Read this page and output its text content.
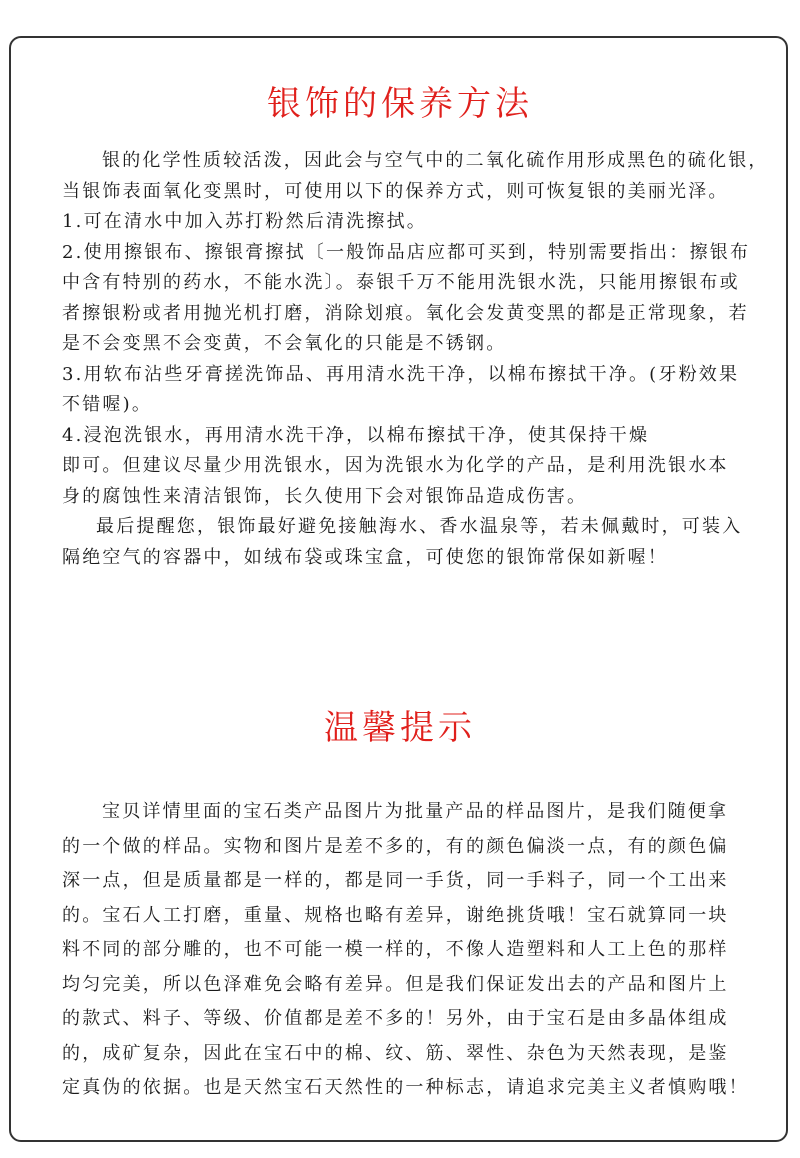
银饰的保养方法
银的化学性质较活泼，因此会与空气中的二氧化硫作用形成黑色的硫化银，
当银饰表面氧化变黑时，可使用以下的保养方式，则可恢复银的美丽光泽。
1.可在清水中加入苏打粉然后清洗擦拭。
2.使用擦银布、擦银膏擦拭〔一般饰品店应都可买到，特别需要指出：擦银布
中含有特别的药水，不能水洗〕。泰银千万不能用洗银水洗，只能用擦银布或
者擦银粉或者用抛光机打磨，消除划痕。氧化会发黄变黑的都是正常现象，若
是不会变黑不会变黄，不会氧化的只能是不锈钢。
3.用软布沾些牙膏搓洗饰品、再用清水洗干净，以棉布擦拭干净。(牙粉效果
不错喔)。
4.浸泡洗银水，再用清水洗干净，以棉布擦拭干净，使其保持干燥
即可。但建议尽量少用洗银水，因为洗银水为化学的产品，是利用洗银水本
身的腐蚀性来清洁银饰，长久使用下会对银饰品造成伤害。
最后提醒您，银饰最好避免接触海水、香水温泉等，若未佩戴时，可装入
隔绝空气的容器中，如绒布袋或珠宝盒，可使您的银饰常保如新喔！
温馨提示
宝贝详情里面的宝石类产品图片为批量产品的样品图片，是我们随便拿
的一个做的样品。实物和图片是差不多的，有的颜色偏淡一点，有的颜色偏
深一点，但是质量都是一样的，都是同一手货，同一手料子，同一个工出来
的。宝石人工打磨，重量、规格也略有差异，谢绝挑货哦！宝石就算同一块
料不同的部分雕的，也不可能一模一样的，不像人造塑料和人工上色的那样
均匀完美，所以色泽难免会略有差异。但是我们保证发出去的产品和图片上
的款式、料子、等级、价值都是差不多的！另外，由于宝石是由多晶体组成
的，成矿复杂，因此在宝石中的棉、纹、筋、翠性、杂色为天然表现，是鉴
定真伪的依据。也是天然宝石天然性的一种标志，请追求完美主义者慎购哦！
